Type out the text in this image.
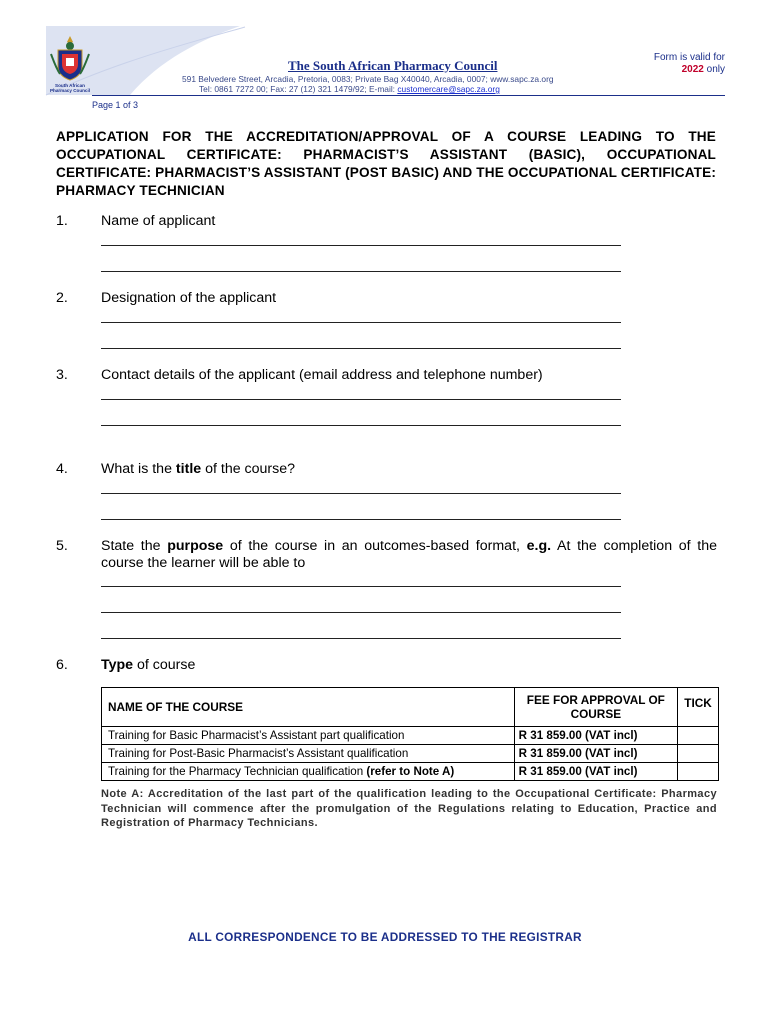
South African
Pharmacy Council
The South African Pharmacy Council
591 Belvedere Street, Arcadia, Pretoria, 0083; Private Bag X40040, Arcadia, 0007; www.sapc.za.org
Tel: 0861 7272 00; Fax: 27 (12) 321 1479/92; E-mail: customercare@sapc.za.org
Form is valid for
2022 only
Page 1 of 3
APPLICATION FOR THE ACCREDITATION/APPROVAL OF A COURSE LEADING TO THE OCCUPATIONAL CERTIFICATE: PHARMACIST’S ASSISTANT (BASIC), OCCUPATIONAL CERTIFICATE: PHARMACIST’S ASSISTANT (POST BASIC) AND THE OCCUPATIONAL CERTIFICATE: PHARMACY TECHNICIAN
1. Name of applicant
2. Designation of the applicant
3. Contact details of the applicant (email address and telephone number)
4. What is the title of the course?
5. State the purpose of the course in an outcomes-based format, e.g. At the completion of the course the learner will be able to
6. Type of course
NAME OF THE COURSE	FEE FOR APPROVAL OF COURSE	TICK
Training for Basic Pharmacist’s Assistant part qualification	R 31 859.00 (VAT incl)	
Training for Post-Basic Pharmacist’s Assistant qualification	R 31 859.00 (VAT incl)	
Training for the Pharmacy Technician qualification (refer to Note A)	R 31 859.00 (VAT incl)	
Note A: Accreditation of the last part of the qualification leading to the Occupational Certificate: Pharmacy Technician will commence after the promulgation of the Regulations relating to Education, Practice and Registration of Pharmacy Technicians.
ALL CORRESPONDENCE TO BE ADDRESSED TO THE REGISTRAR
